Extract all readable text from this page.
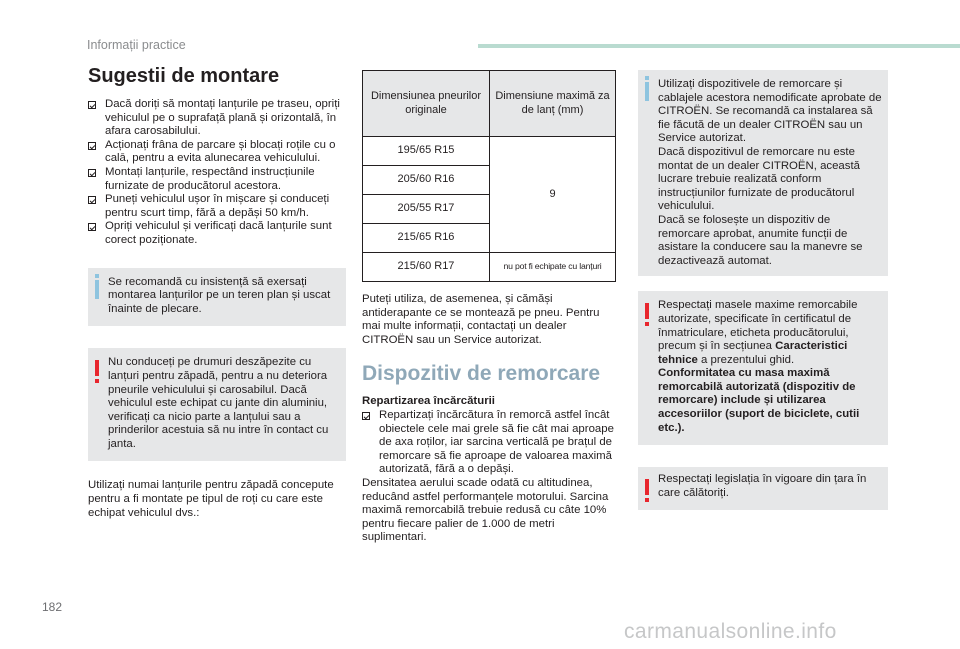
Informații practice
Sugestii de montare
Dacă doriți să montați lanțurile pe traseu, opriți vehiculul pe o suprafață plană și orizontală, în afara carosabilului.
Acționați frâna de parcare și blocați roțile cu o calā, pentru a evita alunecarea vehiculului.
Montați lanțurile, respectând instrucțiunile furnizate de producătorul acestora.
Puneți vehiculul ușor în mișcare și conduceți pentru scurt timp, fără a depăși 50 km/h.
Opriți vehiculul și verificați dacă lanțurile sunt corect poziționate.

Se recomandă cu insistență să exersați montarea lanțurilor pe un teren plan și uscat înainte de plecare.

Nu conduceți pe drumuri deszăpezite cu lanțuri pentru zăpadă, pentru a nu deteriora pneurile vehiculului și carosabilul. Dacă vehiculul este echipat cu jante din aluminiu, verificați ca nicio parte a lanțului sau a prinderilor acestuia să nu intre în contact cu janta.

Utilizați numai lanțurile pentru zăpadă concepute pentru a fi montate pe tipul de roți cu care este echipat vehiculul dvs.:

Dimensiunea pneurilor originale	Dimensiune maximă za de lanț (mm)
195/65 R15	9
205/60 R16	
205/55 R17	
215/65 R16	
215/60 R17	nu pot fi echipate cu lanțuri

Puteți utiliza, de asemenea, și cămăși antiderapante ce se montează pe pneu. Pentru mai multe informații, contactați un dealer CITROËN sau un Service autorizat.

Dispozitiv de remorcare

Repartizarea încărcăturii

Repartizați încărcătura în remorcă astfel încât obiectele cele mai grele să fie cât mai aproape de axa roților, iar sarcina verticală pe brațul de remorcare să fie aproape de valoarea maximă autorizată, fără a o depăși.

Densitatea aerului scade odată cu altitudinea, reducând astfel performanțele motorului. Sarcina maximă remorcabilă trebuie redusă cu câte 10% pentru fiecare palier de 1.000 de metri suplimentari.

Utilizați dispozitivele de remorcare și cablajele acestora nemodificate aprobate de CITROËN. Se recomandă ca instalarea să fie făcută de un dealer CITROËN sau un Service autorizat.
Dacă dispozitivul de remorcare nu este montat de un dealer CITROËN, această lucrare trebuie realizată conform instrucțiunilor furnizate de producătorul vehiculului.
Dacă se folosește un dispozitiv de remorcare aprobat, anumite funcții de asistare la conducere sau la manevre se dezactivează automat.

Respectați masele maxime remorcabile autorizate, specificate în certificatul de înmatriculare, eticheta producătorului, precum și în secțiunea Caracteristici tehnice a prezentului ghid.
Conformitatea cu masa maximă remorcabilă autorizată (dispozitiv de remorcare) include și utilizarea accesoriilor (suport de biciclete, cutii etc.).

Respectați legislația în vigoare din țara în care călătoriți.

182
carmanualsonline.info
